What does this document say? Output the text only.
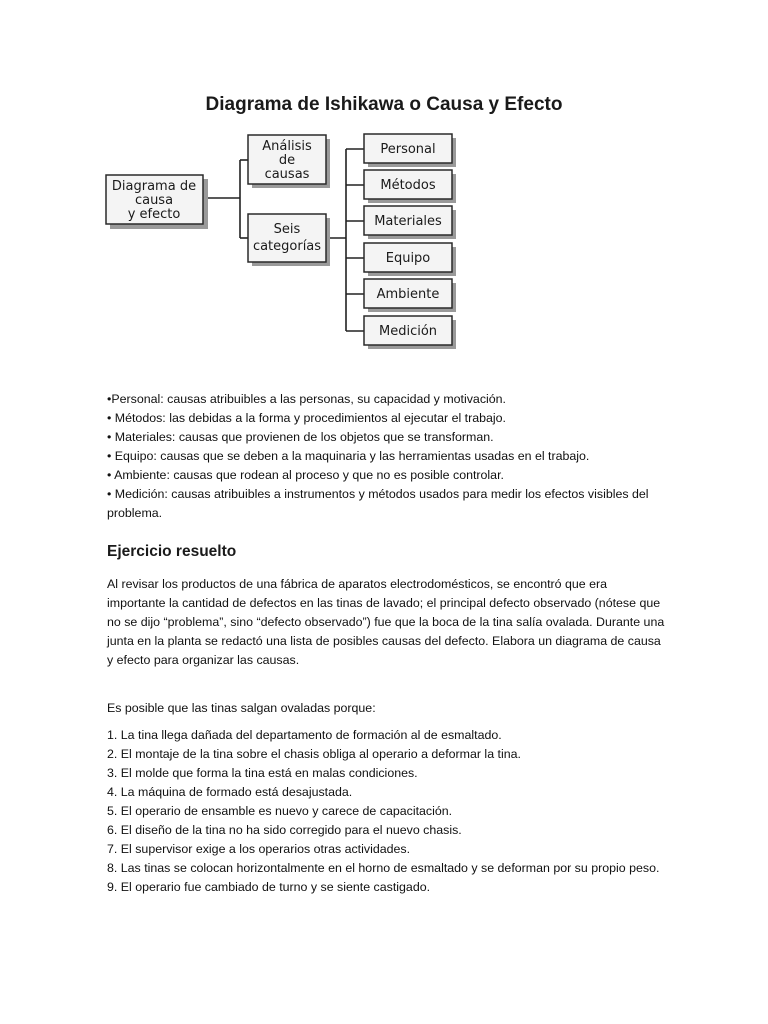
Diagrama de Ishikawa o Causa y Efecto
Diagrama de
causa
y efecto
Análisis
de
causas
Seis
categorías
Personal
Métodos
Materiales
Equipo
Ambiente
Medición

•Personal: causas atribuibles a las personas, su capacidad y motivación.

• Métodos: las debidas a la forma y procedimientos al ejecutar el trabajo.

• Materiales: causas que provienen de los objetos que se transforman.

• Equipo: causas que se deben a la maquinaria y las herramientas usadas en el trabajo.

• Ambiente: causas que rodean al proceso y que no es posible controlar.

• Medición: causas atribuibles a instrumentos y métodos usados para medir los efectos visibles del problema.

Ejercicio resuelto

Al revisar los productos de una fábrica de aparatos electrodomésticos, se encontró que era importante la cantidad de defectos en las tinas de lavado; el principal defecto observado (nótese que no se dijo “problema”, sino “defecto observado”) fue que la boca de la tina salía ovalada. Durante una junta en la planta se redactó una lista de posibles causas del defecto. Elabora un diagrama de causa y efecto para organizar las causas.

Es posible que las tinas salgan ovaladas porque:

1. La tina llega dañada del departamento de formación al de esmaltado.

2. El montaje de la tina sobre el chasis obliga al operario a deformar la tina.

3. El molde que forma la tina está en malas condiciones.

4. La máquina de formado está desajustada.

5. El operario de ensamble es nuevo y carece de capacitación.

6. El diseño de la tina no ha sido corregido para el nuevo chasis.

7. El supervisor exige a los operarios otras actividades.

8. Las tinas se colocan horizontalmente en el horno de esmaltado y se deforman por su propio peso.

9. El operario fue cambiado de turno y se siente castigado.
